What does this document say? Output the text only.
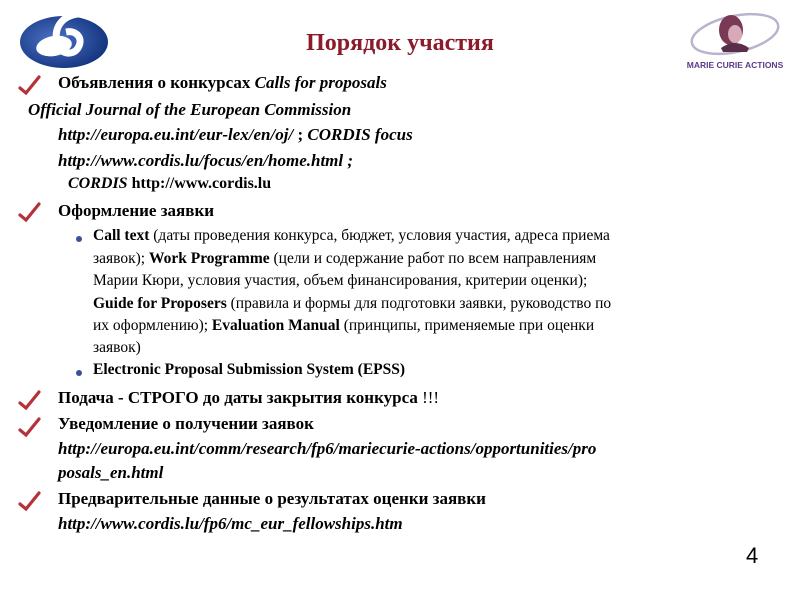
MARIE CURIE ACTIONS
Порядок участия
Объявления о конкурсах Calls for proposals
Official Journal of the European Commission
http://europa.eu.int/eur-lex/en/oj/ ; CORDIS focus
http://www.cordis.lu/focus/en/home.html ;
CORDIS http://www.cordis.lu
Оформление заявки
Call text (даты проведения конкурса, бюджет, условия участия, адреса приема
заявок); Work Programme (цели и содержание работ по всем направлениям
Марии Кюри, условия участия, объем финансирования, критерии оценки);
Guide for Proposers (правила и формы для подготовки заявки, руководство по
их оформлению); Evaluation Manual (принципы, применяемые при оценки
заявок)
Electronic Proposal Submission System (EPSS)
Подача - СТРОГО до даты закрытия конкурса !!!
Уведомление о получении заявок
http://europa.eu.int/comm/research/fp6/mariecurie-actions/opportunities/pro
posals_en.html
Предварительные данные о результатах оценки заявки
http://www.cordis.lu/fp6/mc_eur_fellowships.htm
4
